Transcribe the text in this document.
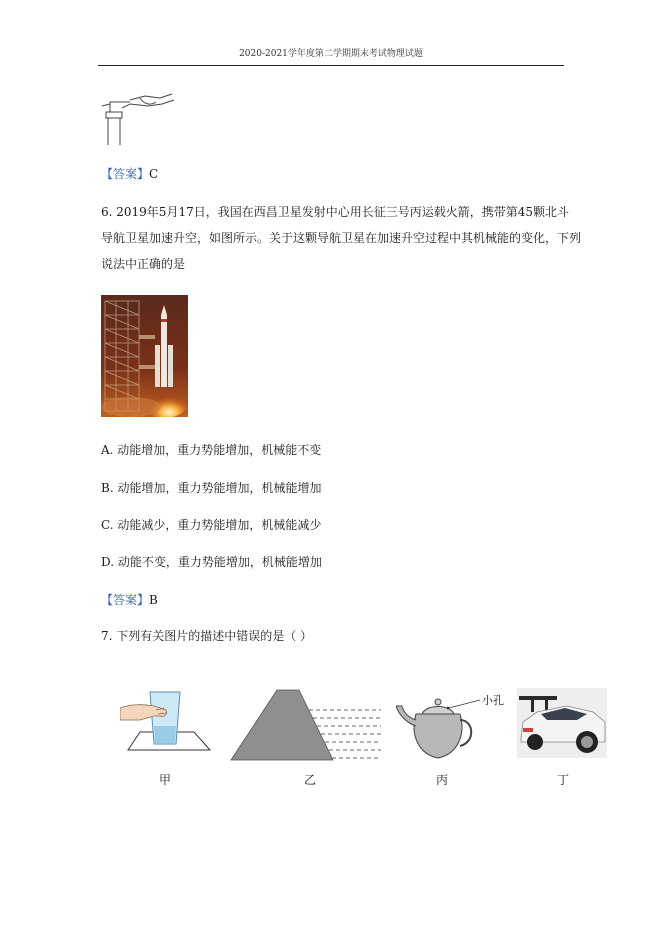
2020-2021学年度第二学期期末考试物理试题
【答案】C
6. 2019年5月17日，我国在西昌卫星发射中心用长征三号丙运载火箭，携带第45颗北斗
导航卫星加速升空，如图所示。关于这颗导航卫星在加速升空过程中其机械能的变化，下列
说法中正确的是
A. 动能增加，重力势能增加，机械能不变
B. 动能增加，重力势能增加，机械能增加
C. 动能减少，重力势能增加，机械能减少
D. 动能不变，重力势能增加，机械能增加
【答案】B
7. 下列有关图片的描述中错误的是（ ）
甲	乙
小孔
丙	丁
